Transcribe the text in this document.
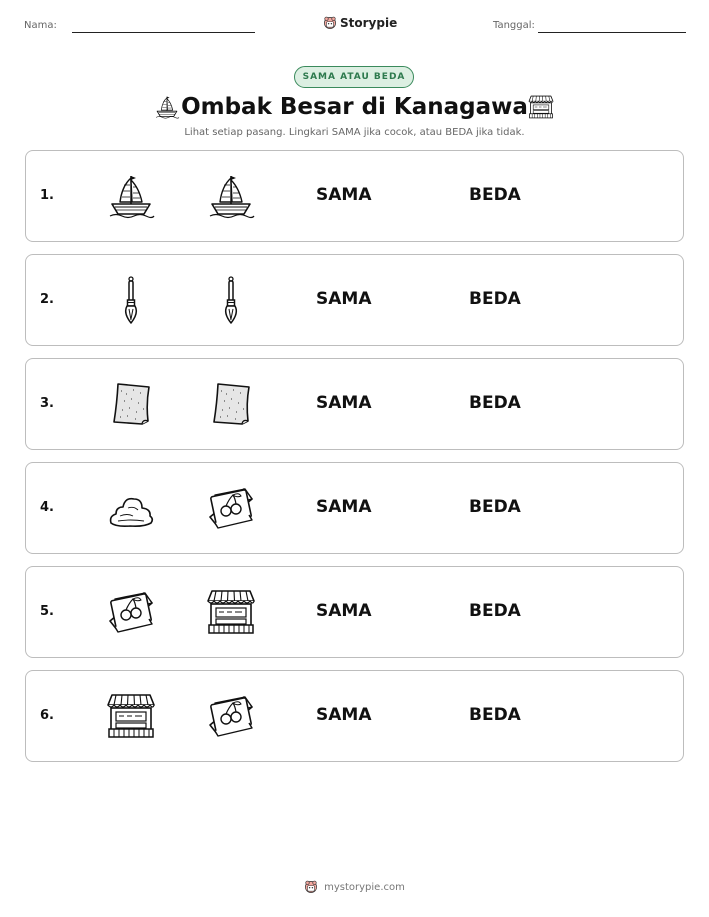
Nama:	Storypie	Tanggal:
SAMA ATAU BEDA
Ombak Besar di Kanagawa
Lihat setiap pasang. Lingkari SAMA jika cocok, atau BEDA jika tidak.
1.	SAMA	BEDA
2.	SAMA	BEDA
3.	SAMA	BEDA
4.	SAMA	BEDA
5.	SAMA	BEDA
6.	SAMA	BEDA
mystorypie.com
